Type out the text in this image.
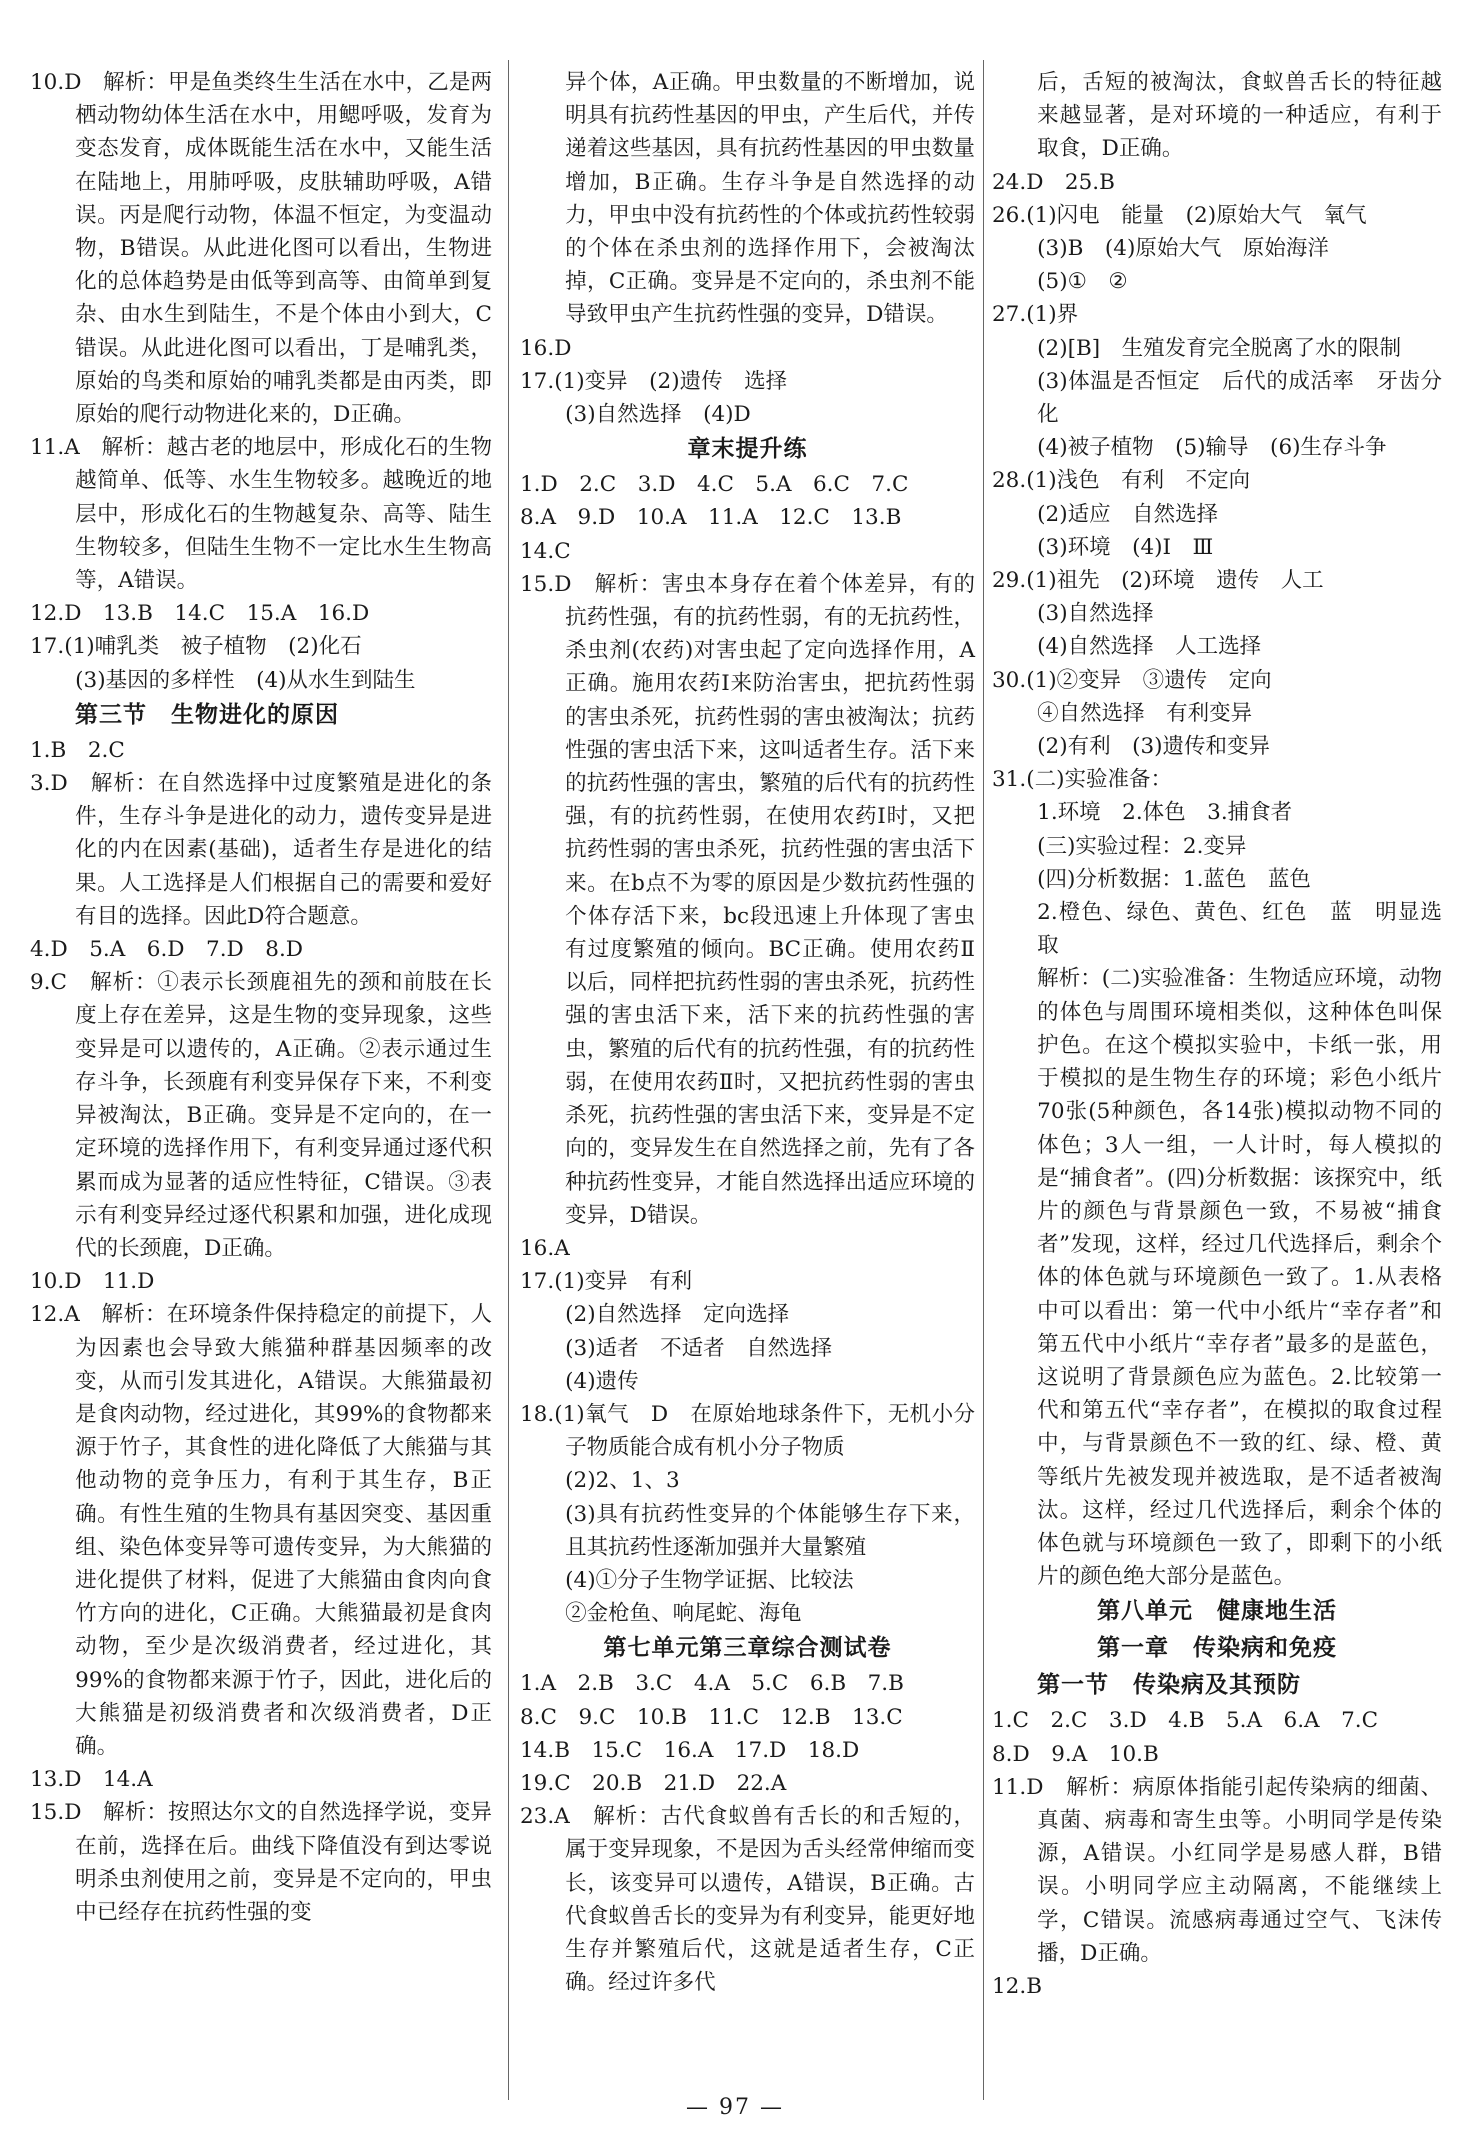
10.D　解析：甲是鱼类终生生活在水中，乙是两栖动物幼体生活在水中，用鳃呼吸，发育为变态发育，成体既能生活在水中，又能生活在陆地上，用肺呼吸，皮肤辅助呼吸，A错误。丙是爬行动物，体温不恒定，为变温动物，B错误。从此进化图可以看出，生物进化的总体趋势是由低等到高等、由简单到复杂、由水生到陆生，不是个体由小到大，C错误。从此进化图可以看出，丁是哺乳类，原始的鸟类和原始的哺乳类都是由丙类，即原始的爬行动物进化来的，D正确。

11.A　解析：越古老的地层中，形成化石的生物越简单、低等、水生生物较多。越晚近的地层中，形成化石的生物越复杂、高等、陆生生物较多，但陆生生物不一定比水生生物高等，A错误。

12.D　13.B　14.C　15.A　16.D

17.(1)哺乳类　被子植物　(2)化石

(3)基因的多样性　(4)从水生到陆生

第三节　生物进化的原因

1.B　2.C

3.D　解析：在自然选择中过度繁殖是进化的条件，生存斗争是进化的动力，遗传变异是进化的内在因素(基础)，适者生存是进化的结果。人工选择是人们根据自己的需要和爱好有目的选择。因此D符合题意。

4.D　5.A　6.D　7.D　8.D

9.C　解析：①表示长颈鹿祖先的颈和前肢在长度上存在差异，这是生物的变异现象，这些变异是可以遗传的，A正确。②表示通过生存斗争，长颈鹿有利变异保存下来，不利变异被淘汰，B正确。变异是不定向的，在一定环境的选择作用下，有利变异通过逐代积累而成为显著的适应性特征，C错误。③表示有利变异经过逐代积累和加强，进化成现代的长颈鹿，D正确。

10.D　11.D

12.A　解析：在环境条件保持稳定的前提下，人为因素也会导致大熊猫种群基因频率的改变，从而引发其进化，A错误。大熊猫最初是食肉动物，经过进化，其99%的食物都来源于竹子，其食性的进化降低了大熊猫与其他动物的竞争压力，有利于其生存，B正确。有性生殖的生物具有基因突变、基因重组、染色体变异等可遗传变异，为大熊猫的进化提供了材料，促进了大熊猫由食肉向食竹方向的进化，C正确。大熊猫最初是食肉动物，至少是次级消费者，经过进化，其99%的食物都来源于竹子，因此，进化后的大熊猫是初级消费者和次级消费者，D正确。

13.D　14.A

15.D　解析：按照达尔文的自然选择学说，变异在前，选择在后。曲线下降值没有到达零说明杀虫剂使用之前，变异是不定向的，甲虫中已经存在抗药性强的变

异个体，A正确。甲虫数量的不断增加，说明具有抗药性基因的甲虫，产生后代，并传递着这些基因，具有抗药性基因的甲虫数量增加，B正确。生存斗争是自然选择的动力，甲虫中没有抗药性的个体或抗药性较弱的个体在杀虫剂的选择作用下，会被淘汰掉，C正确。变异是不定向的，杀虫剂不能导致甲虫产生抗药性强的变异，D错误。

16.D

17.(1)变异　(2)遗传　选择

(3)自然选择　(4)D

章末提升练

1.D　2.C　3.D　4.C　5.A　6.C　7.C

8.A　9.D　10.A　11.A　12.C　13.B

14.C

15.D　解析：害虫本身存在着个体差异，有的抗药性强，有的抗药性弱，有的无抗药性，杀虫剂(农药)对害虫起了定向选择作用，A正确。施用农药Ⅰ来防治害虫，把抗药性弱的害虫杀死，抗药性弱的害虫被淘汰；抗药性强的害虫活下来，这叫适者生存。活下来的抗药性强的害虫，繁殖的后代有的抗药性强，有的抗药性弱，在使用农药Ⅰ时，又把抗药性弱的害虫杀死，抗药性强的害虫活下来。在b点不为零的原因是少数抗药性强的个体存活下来，bc段迅速上升体现了害虫有过度繁殖的倾向。BC正确。使用农药Ⅱ以后，同样把抗药性弱的害虫杀死，抗药性强的害虫活下来，活下来的抗药性强的害虫，繁殖的后代有的抗药性强，有的抗药性弱，在使用农药Ⅱ时，又把抗药性弱的害虫杀死，抗药性强的害虫活下来，变异是不定向的，变异发生在自然选择之前，先有了各种抗药性变异，才能自然选择出适应环境的变异，D错误。

16.A

17.(1)变异　有利

(2)自然选择　定向选择

(3)适者　不适者　自然选择

(4)遗传

18.(1)氧气　D　在原始地球条件下，无机小分子物质能合成有机小分子物质

(2)2、1、3

(3)具有抗药性变异的个体能够生存下来，且其抗药性逐渐加强并大量繁殖

(4)①分子生物学证据、比较法

②金枪鱼、响尾蛇、海龟

第七单元第三章综合测试卷

1.A　2.B　3.C　4.A　5.C　6.B　7.B

8.C　9.C　10.B　11.C　12.B　13.C

14.B　15.C　16.A　17.D　18.D

19.C　20.B　21.D　22.A

23.A　解析：古代食蚁兽有舌长的和舌短的，属于变异现象，不是因为舌头经常伸缩而变长，该变异可以遗传，A错误，B正确。古代食蚁兽舌长的变异为有利变异，能更好地生存并繁殖后代，这就是适者生存，C正确。经过许多代

后，舌短的被淘汰，食蚁兽舌长的特征越来越显著，是对环境的一种适应，有利于取食，D正确。

24.D　25.B

26.(1)闪电　能量　(2)原始大气　氧气

(3)B　(4)原始大气　原始海洋

(5)①　②

27.(1)界

(2)[B]　生殖发育完全脱离了水的限制

(3)体温是否恒定　后代的成活率　牙齿分化

(4)被子植物　(5)输导　(6)生存斗争

28.(1)浅色　有利　不定向

(2)适应　自然选择

(3)环境　(4)Ⅰ　Ⅲ

29.(1)祖先　(2)环境　遗传　人工

(3)自然选择

(4)自然选择　人工选择

30.(1)②变异　③遗传　定向

④自然选择　有利变异

(2)有利　(3)遗传和变异

31.(二)实验准备：

1.环境　2.体色　3.捕食者

(三)实验过程：2.变异

(四)分析数据：1.蓝色　蓝色

2.橙色、绿色、黄色、红色　蓝　明显选取

解析：(二)实验准备：生物适应环境，动物的体色与周围环境相类似，这种体色叫保护色。在这个模拟实验中，卡纸一张，用于模拟的是生物生存的环境；彩色小纸片70张(5种颜色，各14张)模拟动物不同的体色；3人一组，一人计时，每人模拟的是“捕食者”。(四)分析数据：该探究中，纸片的颜色与背景颜色一致，不易被“捕食者”发现，这样，经过几代选择后，剩余个体的体色就与环境颜色一致了。1.从表格中可以看出：第一代中小纸片“幸存者”和第五代中小纸片“幸存者”最多的是蓝色，这说明了背景颜色应为蓝色。2.比较第一代和第五代“幸存者”，在模拟的取食过程中，与背景颜色不一致的红、绿、橙、黄等纸片先被发现并被选取，是不适者被淘汰。这样，经过几代选择后，剩余个体的体色就与环境颜色一致了，即剩下的小纸片的颜色绝大部分是蓝色。

第八单元　健康地生活
第一章　传染病和免疫
第一节　传染病及其预防

1.C　2.C　3.D　4.B　5.A　6.A　7.C

8.D　9.A　10.B

11.D　解析：病原体指能引起传染病的细菌、真菌、病毒和寄生虫等。小明同学是传染源，A错误。小红同学是易感人群，B错误。小明同学应主动隔离，不能继续上学，C错误。流感病毒通过空气、飞沫传播，D正确。

12.B

— 97 —
